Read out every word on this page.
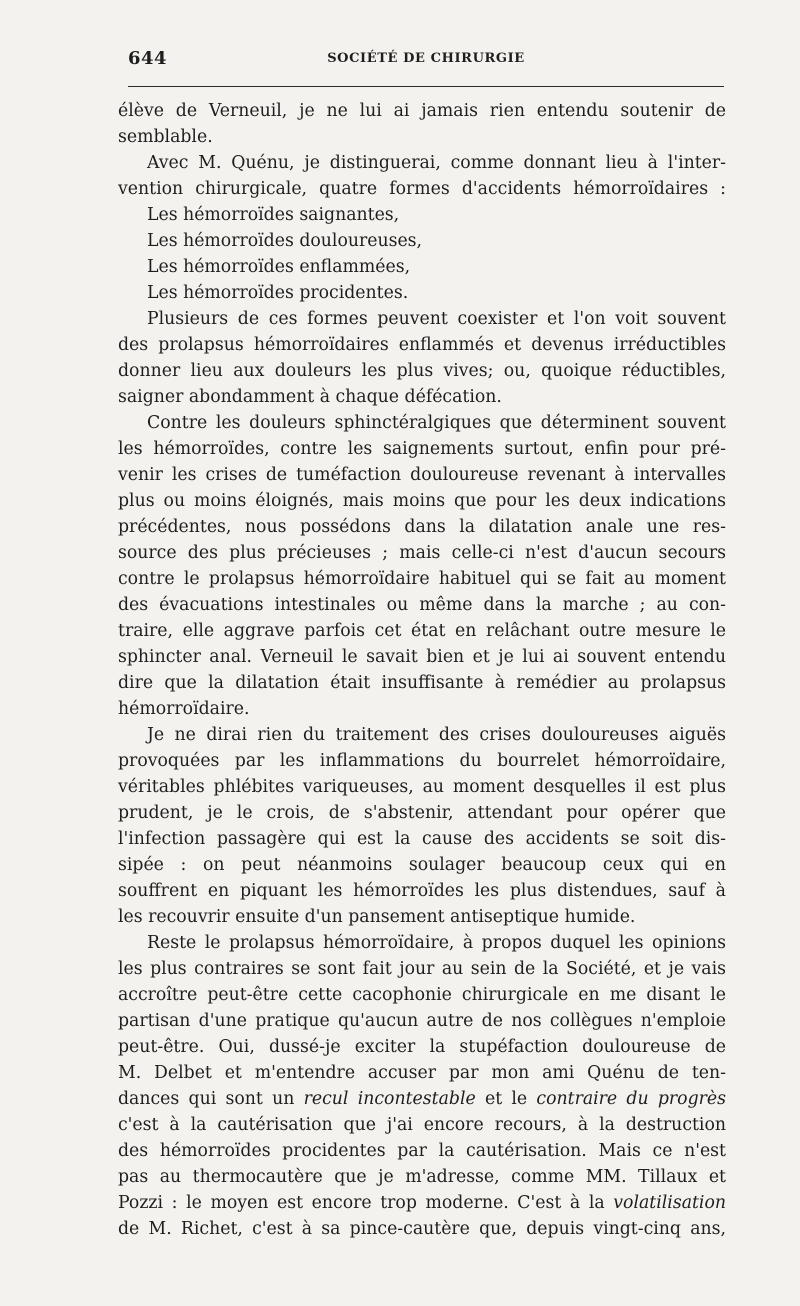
644	SOCIÉTÉ DE CHIRURGIE
élève de Verneuil, je ne lui ai jamais rien entendu soutenir de
semblable.
Avec M. Quénu, je distinguerai, comme donnant lieu à l'inter-
vention chirurgicale, quatre formes d'accidents hémorroïdaires :
Les hémorroïdes saignantes,
Les hémorroïdes douloureuses,
Les hémorroïdes enflammées,
Les hémorroïdes procidentes.
Plusieurs de ces formes peuvent coexister et l'on voit souvent
des prolapsus hémorroïdaires enflammés et devenus irréductibles
donner lieu aux douleurs les plus vives; ou, quoique réductibles,
saigner abondamment à chaque défécation.
Contre les douleurs sphinctéralgiques que déterminent souvent
les hémorroïdes, contre les saignements surtout, enfin pour pré-
venir les crises de tuméfaction douloureuse revenant à intervalles
plus ou moins éloignés, mais moins que pour les deux indications
précédentes, nous possédons dans la dilatation anale une res-
source des plus précieuses ; mais celle-ci n'est d'aucun secours
contre le prolapsus hémorroïdaire habituel qui se fait au moment
des évacuations intestinales ou même dans la marche ; au con-
traire, elle aggrave parfois cet état en relâchant outre mesure le
sphincter anal. Verneuil le savait bien et je lui ai souvent entendu
dire que la dilatation était insuffisante à remédier au prolapsus
hémorroïdaire.
Je ne dirai rien du traitement des crises douloureuses aiguës
provoquées par les inflammations du bourrelet hémorroïdaire,
véritables phlébites variqueuses, au moment desquelles il est plus
prudent, je le crois, de s'abstenir, attendant pour opérer que
l'infection passagère qui est la cause des accidents se soit dis-
sipée : on peut néanmoins soulager beaucoup ceux qui en
souffrent en piquant les hémorroïdes les plus distendues, sauf à
les recouvrir ensuite d'un pansement antiseptique humide.
Reste le prolapsus hémorroïdaire, à propos duquel les opinions
les plus contraires se sont fait jour au sein de la Société, et je vais
accroître peut-être cette cacophonie chirurgicale en me disant le
partisan d'une pratique qu'aucun autre de nos collègues n'emploie
peut-être. Oui, dussé-je exciter la stupéfaction douloureuse de
M. Delbet et m'entendre accuser par mon ami Quénu de ten-
dances qui sont un recul incontestable et le contraire du progrès
c'est à la cautérisation que j'ai encore recours, à la destruction
des hémorroïdes procidentes par la cautérisation. Mais ce n'est
pas au thermocautère que je m'adresse, comme MM. Tillaux et
Pozzi : le moyen est encore trop moderne. C'est à la volatilisation
de M. Richet, c'est à sa pince-cautère que, depuis vingt-cinq ans,
